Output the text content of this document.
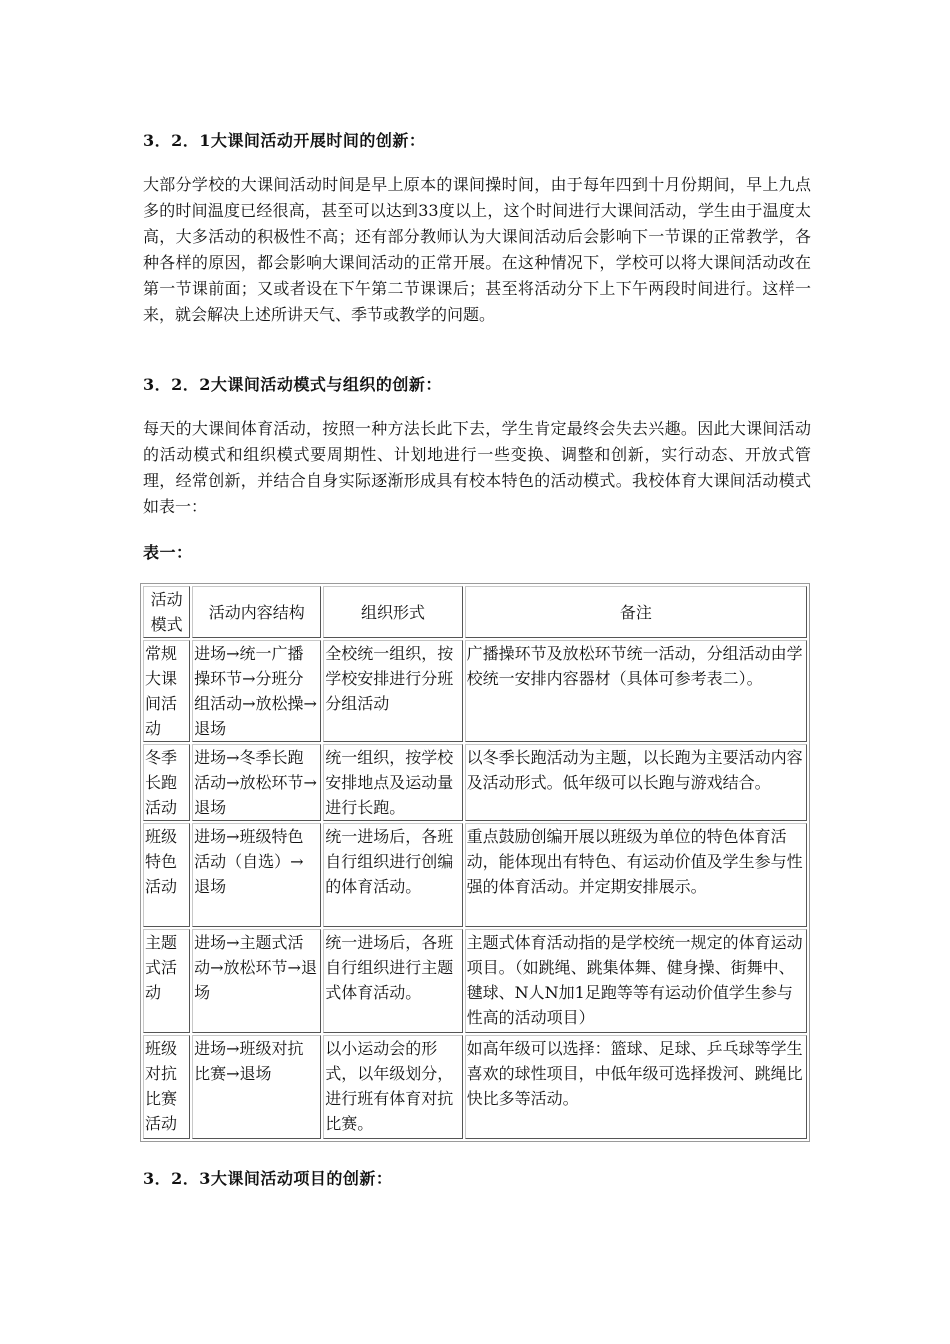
3．2．1大课间活动开展时间的创新：
大部分学校的大课间活动时间是早上原本的课间操时间，由于每年四到十月份期间，早上九点多的时间温度已经很高，甚至可以达到33度以上，这个时间进行大课间活动，学生由于温度太高，大多活动的积极性不高；还有部分教师认为大课间活动后会影响下一节课的正常教学，各种各样的原因，都会影响大课间活动的正常开展。在这种情况下，学校可以将大课间活动改在第一节课前面；又或者设在下午第二节课课后；甚至将活动分下上下午两段时间进行。这样一来，就会解决上述所讲天气、季节或教学的问题。
3．2．2大课间活动模式与组织的创新：
每天的大课间体育活动，按照一种方法长此下去，学生肯定最终会失去兴趣。因此大课间活动的活动模式和组织模式要周期性、计划地进行一些变换、调整和创新，实行动态、开放式管理，经常创新，并结合自身实际逐渐形成具有校本特色的活动模式。我校体育大课间活动模式如表一：
表一：
活动模式	活动内容结构	组织形式	备注
常规大课间活动	进场→统一广播操环节→分班分组活动→放松操→退场	全校统一组织，按学校安排进行分班分组活动	广播操环节及放松环节统一活动，分组活动由学校统一安排内容器材（具体可参考表二）。
冬季长跑活动	进场→冬季长跑活动→放松环节→退场	统一组织，按学校安排地点及运动量进行长跑。	以冬季长跑活动为主题，以长跑为主要活动内容及活动形式。低年级可以长跑与游戏结合。
班级特色活动	进场→班级特色活动（自选）→退场	统一进场后，各班自行组织进行创编的体育活动。	重点鼓励创编开展以班级为单位的特色体育活动，能体现出有特色、有运动价值及学生参与性强的体育活动。并定期安排展示。
主题式活动	进场→主题式活动→放松环节→退场	统一进场后，各班自行组织进行主题式体育活动。	主题式体育活动指的是学校统一规定的体育运动项目。（如跳绳、跳集体舞、健身操、街舞中、毽球、N人N加1足跑等等有运动价值学生参与性高的活动项目）
班级对抗比赛活动	进场→班级对抗比赛→退场	以小运动会的形式，以年级划分，进行班有体育对抗比赛。	如高年级可以选择：篮球、足球、乒乓球等学生喜欢的球性项目，中低年级可选择拨河、跳绳比快比多等活动。
3．2．3大课间活动项目的创新：
